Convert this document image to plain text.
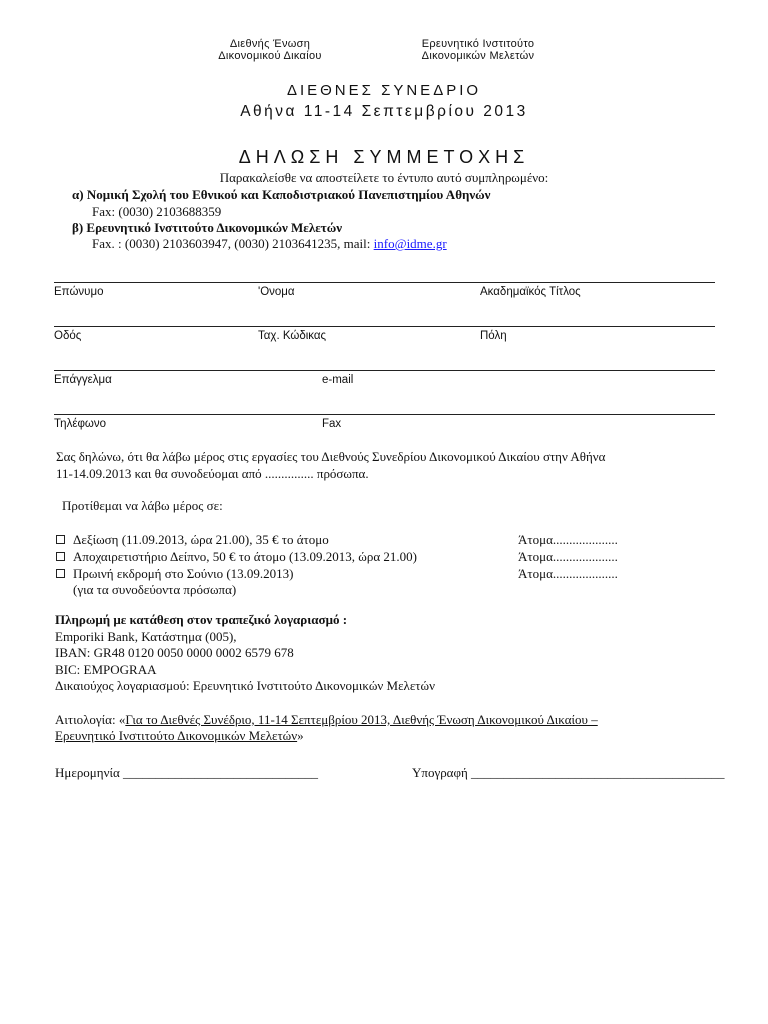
Διεθνής Ένωση
Δικονομικού Δικαίου
Ερευνητικό Ινστιτούτο
Δικονομικών Μελετών
ΔΙΕΘΝΕΣ ΣΥΝΕΔΡΙΟ
Αθήνα 11-14 Σεπτεμβρίου 2013
ΔΗΛΩΣΗ ΣΥΜΜΕΤΟΧΗΣ
Παρακαλείσθε να αποστείλετε το έντυπο αυτό συμπληρωμένο:
α) Νομική Σχολή του Εθνικού και Καποδιστριακού Πανεπιστημίου Αθηνών
Fax: (0030) 2103688359
β) Ερευνητικό Ινστιτούτο Δικονομικών Μελετών
Fax. : (0030) 2103603947, (0030) 2103641235, mail: info@idme.gr
Επώνυμο	'Ονομα	Ακαδημαϊκός Τίτλος
Οδός	Ταχ. Κώδικας	Πόλη
Επάγγελμα	e-mail
Τηλέφωνο	Fax
Σας δηλώνω, ότι θα λάβω μέρος στις εργασίες του Διεθνούς Συνεδρίου Δικονομικού Δικαίου στην Αθήνα
11-14.09.2013 και θα συνοδεύομαι από ............... πρόσωπα.
Προτίθεμαι να λάβω μέρος σε:
Δεξίωση (11.09.2013, ώρα 21.00), 35 € το άτομο	Άτομα....................
Αποχαιρετιστήριο Δείπνο, 50 € το άτομο (13.09.2013, ώρα 21.00)	Άτομα....................
Πρωινή εκδρομή στο Σούνιο (13.09.2013)	Άτομα....................
(για τα συνοδεύοντα πρόσωπα)
Πληρωμή με κατάθεση στον τραπεζικό λογαριασμό :
Emporiki Bank, Κατάστημα (005),
IBAN: GR48 0120 0050 0000 0002 6579 678
BIC: EMPOGRAA
Δικαιούχος λογαριασμού: Ερευνητικό Ινστιτούτο Δικονομικών Μελετών
Αιτιολογία: «Για το Διεθνές Συνέδριο, 11-14 Σεπτεμβρίου 2013, Διεθνής Ένωση Δικονομικού Δικαίου –
Ερευνητικό Ινστιτούτο Δικονομικών Μελετών»
Ημερομηνία ______________________________	Υπογραφή _______________________________________
